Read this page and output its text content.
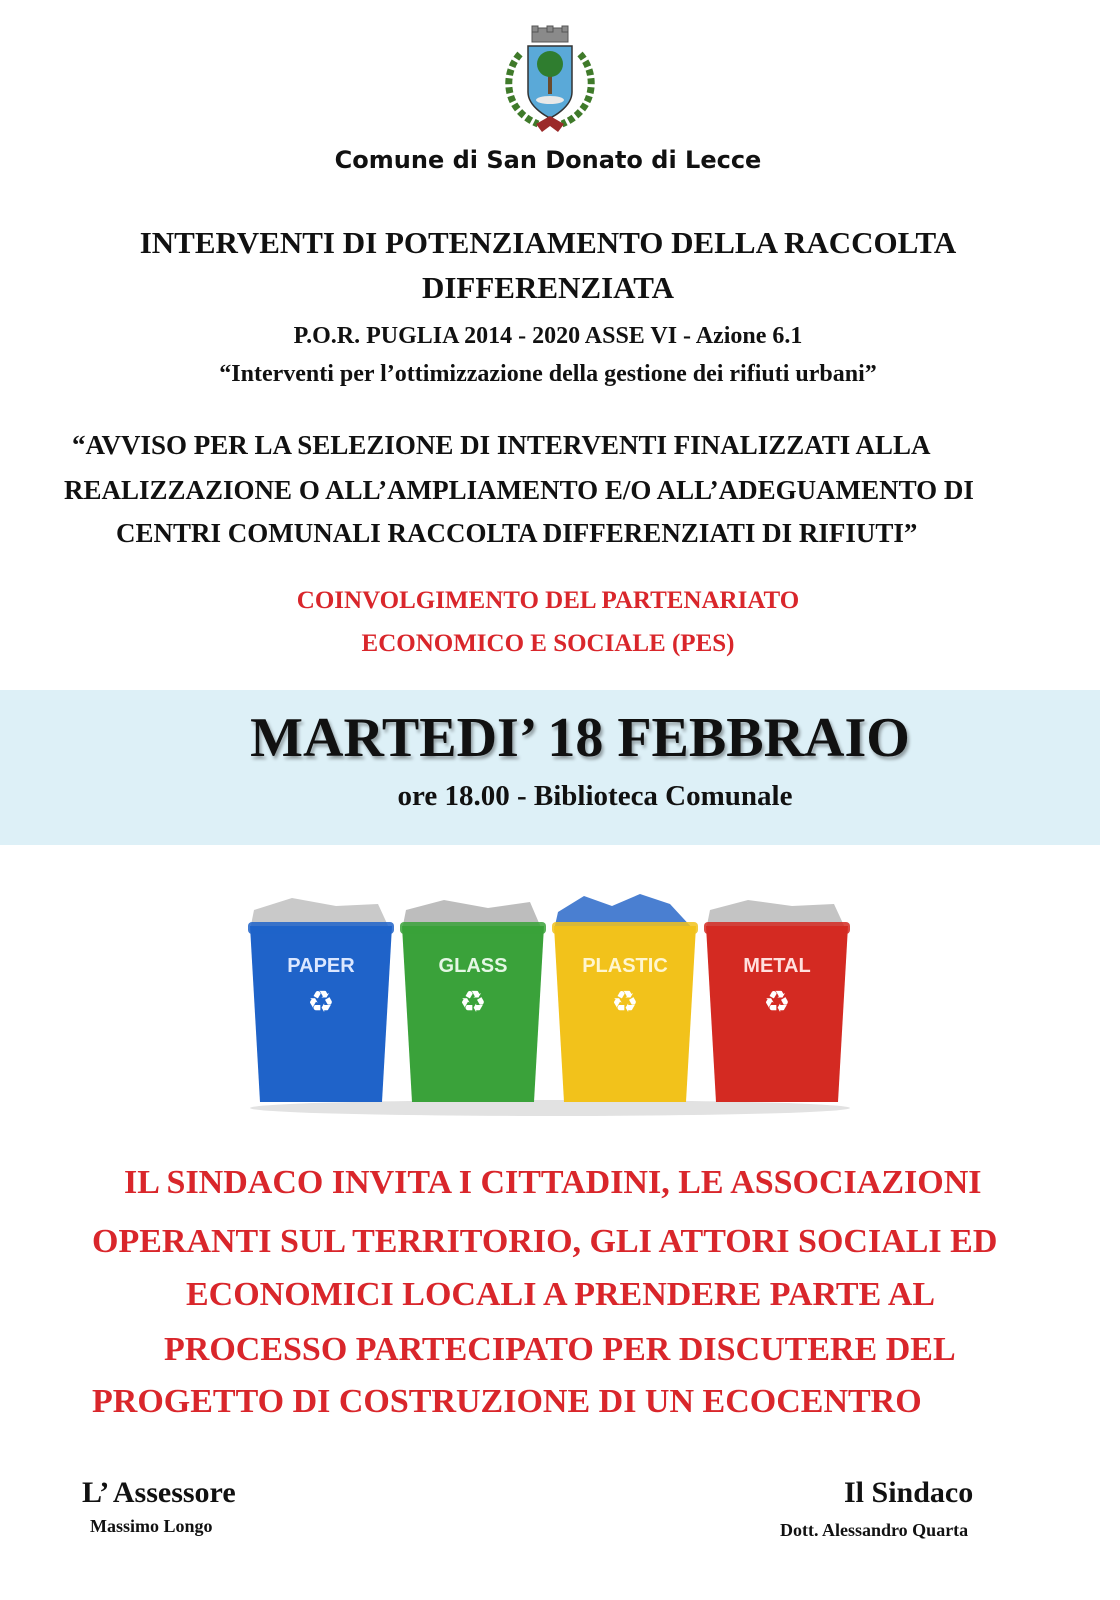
Comune di San Donato di Lecce
INTERVENTI DI POTENZIAMENTO DELLA RACCOLTA
DIFFERENZIATA
P.O.R. PUGLIA 2014 - 2020 ASSE VI - Azione 6.1
“Interventi per l’ottimizzazione della gestione dei rifiuti urbani”
“AVVISO PER LA SELEZIONE DI INTERVENTI FINALIZZATI ALLA
REALIZZAZIONE O ALL’AMPLIAMENTO E/O ALL’ADEGUAMENTO DI
CENTRI COMUNALI RACCOLTA DIFFERENZIATI DI RIFIUTI”
COINVOLGIMENTO DEL PARTENARIATO
ECONOMICO E SOCIALE (PES)
MARTEDI’ 18 FEBBRAIO
ore 18.00 - Biblioteca Comunale
PAPER
♻
GLASS
♻
PLASTIC
♻
METAL
♻
IL SINDACO INVITA I CITTADINI, LE ASSOCIAZIONI
OPERANTI SUL TERRITORIO, GLI ATTORI SOCIALI ED
ECONOMICI LOCALI A PRENDERE PARTE AL
PROCESSO PARTECIPATO PER DISCUTERE DEL
PROGETTO DI COSTRUZIONE DI UN ECOCENTRO
L’ Assessore
Massimo Longo
Il Sindaco
Dott. Alessandro Quarta
